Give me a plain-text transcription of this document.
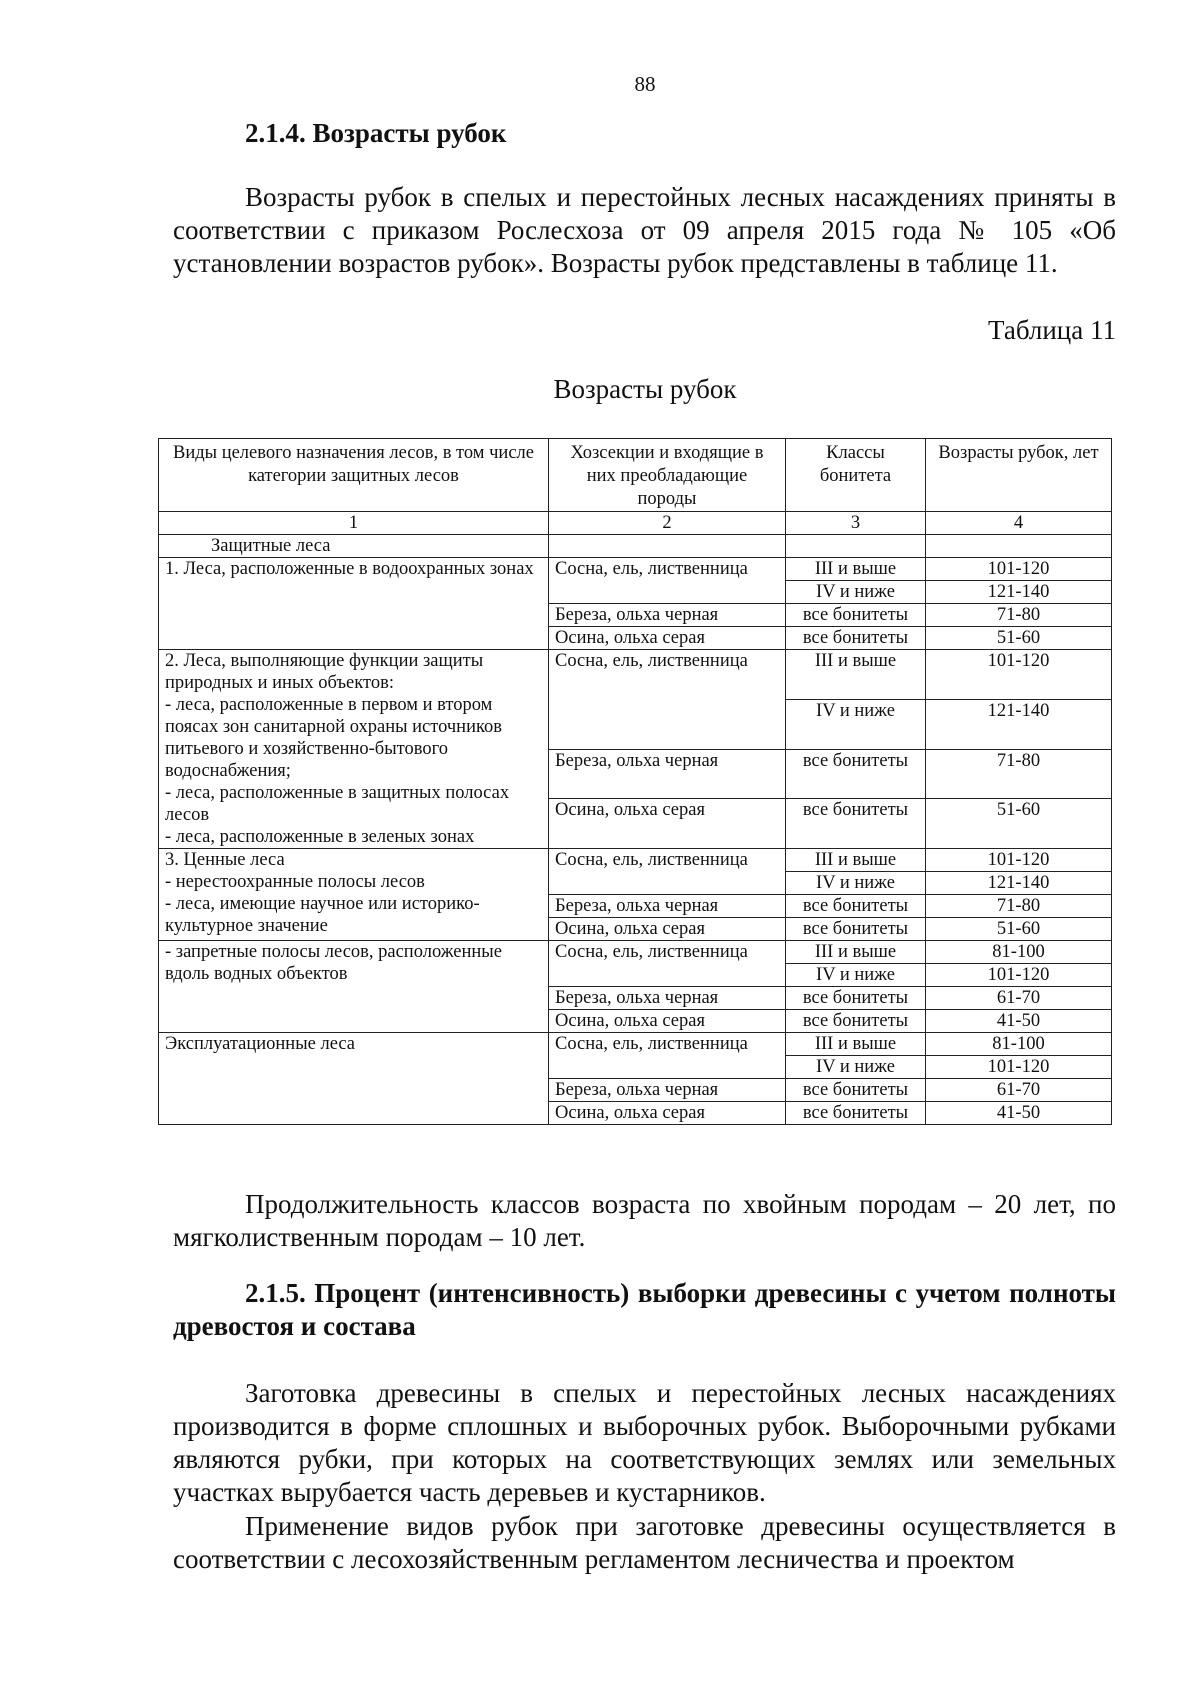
88
2.1.4. Возрасты рубок

Возрасты рубок в спелых и перестойных лесных насаждениях приняты в соответствии с приказом Рослесхоза от 09 апреля 2015 года № 105 «Об установлении возрастов рубок». Возрасты рубок представлены в таблице 11.

Таблица 11
Возрасты рубок
Виды целевого назначения лесов, в том числе категории защитных лесов	Хозсекции и входящие в них преобладающие породы	Классы бонитета	Возрасты рубок, лет
1	2	3	4
Защитные леса			

1. Леса, расположенные в водоохранных зонах	Сосна, ель, лиственница	III и выше	101-120
		IV и ниже	121-140
	Береза, ольха черная	все бонитеты	71-80
	Осина, ольха серая	все бонитеты	51-60

2. Леса, выполняющие функции защиты природных и иных объектов:
- леса, расположенные в первом и втором поясах зон санитарной охраны источников питьевого и хозяйственно-бытового водоснабжения;
- леса, расположенные в защитных полосах лесов
- леса, расположенные в зеленых зонах	Сосна, ель, лиственница	III и выше	101-120
		IV и ниже	121-140
	Береза, ольха черная	все бонитеты	71-80
	Осина, ольха серая	все бонитеты	51-60

3. Ценные леса
- нерестоохранные полосы лесов
- леса, имеющие научное или историко-культурное значение	Сосна, ель, лиственница	III и выше	101-120
		IV и ниже	121-140
	Береза, ольха черная	все бонитеты	71-80
	Осина, ольха серая	все бонитеты	51-60

- запретные полосы лесов, расположенные вдоль водных объектов	Сосна, ель, лиственница	III и выше	81-100
		IV и ниже	101-120
	Береза, ольха черная	все бонитеты	61-70
	Осина, ольха серая	все бонитеты	41-50

Эксплуатационные леса	Сосна, ель, лиственница	III и выше	81-100
		IV и ниже	101-120
	Береза, ольха черная	все бонитеты	61-70
	Осина, ольха серая	все бонитеты	41-50

Продолжительность классов возраста по хвойным породам – 20 лет, по мягколиственным породам – 10 лет.

2.1.5. Процент (интенсивность) выборки древесины с учетом полноты древостоя и состава

Заготовка древесины в спелых и перестойных лесных насаждениях производится в форме сплошных и выборочных рубок. Выборочными рубками являются рубки, при которых на соответствующих землях или земельных участках вырубается часть деревьев и кустарников.

Применение видов рубок при заготовке древесины осуществляется в соответствии с лесохозяйственным регламентом лесничества и проектом
